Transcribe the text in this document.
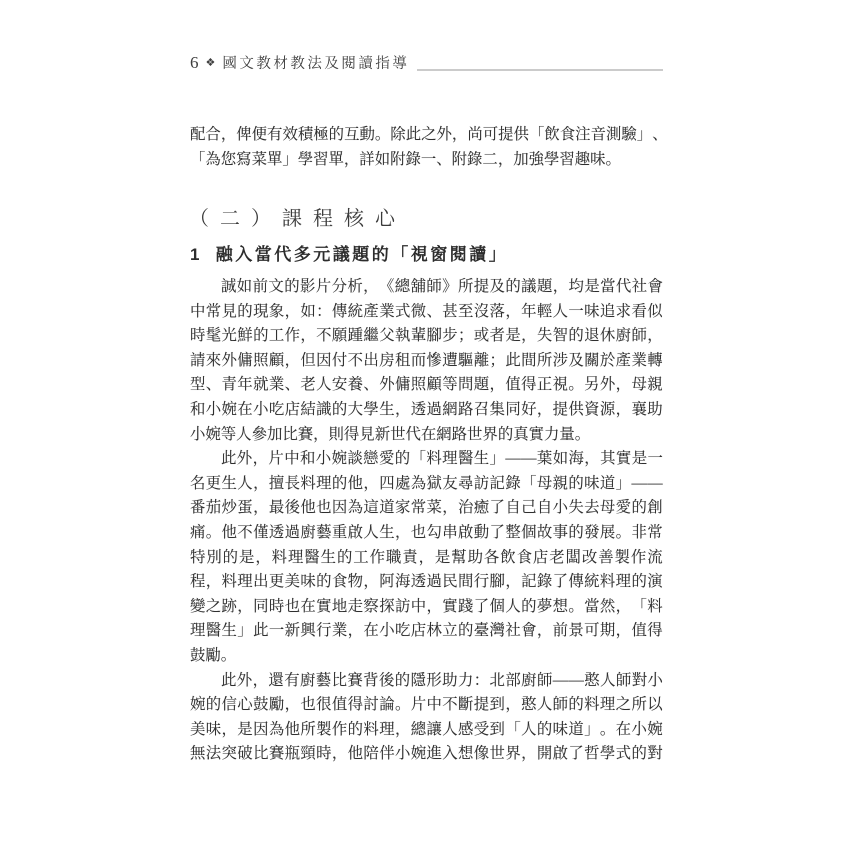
6 ❖ 國文教材教法及閱讀指導
配 合 ， 俾 便 有 效 積 極 的 互 動 。 除 此 之 外 ， 尚 可 提 供 「 飲 食 注 音 測 驗 」 、
「為您寫菜單」學習單，詳如附錄一、附錄二，加強學習趣味。
（二）課程核心
1 融入當代多元議題的「視窗閱讀」
誠 如 前 文 的 影 片 分 析 ， 《 總 舖 師 》 所 提 及 的 議 題 ， 均 是 當 代 社 會
中 常 見 的 現 象 ， 如 ： 傳 統 產 業 式 微 、 甚 至 沒 落 ， 年 輕 人 一 味 追 求 看 似
時 髦 光 鮮 的 工 作 ， 不 願 踵 繼 父 執 輩 腳 步 ； 或 者 是 ， 失 智 的 退 休 廚 師 ，
請 來 外 傭 照 顧 ， 但 因 付 不 出 房 租 而 慘 遭 驅 離 ； 此 間 所 涉 及 關 於 產 業 轉
型 、 青 年 就 業 、 老 人 安 養 、 外 傭 照 顧 等 問 題 ， 值 得 正 視 。 另 外 ， 母 親
和 小 婉 在 小 吃 店 結 識 的 大 學 生 ， 透 過 網 路 召 集 同 好 ， 提 供 資 源 ， 襄 助
小婉等人參加比賽，則得見新世代在網路世界的真實力量。
此 外 ， 片 中 和 小 婉 談 戀 愛 的 「 料 理 醫 生 」 — — 葉 如 海 ， 其 實 是 一
名 更 生 人 ， 擅 長 料 理 的 他 ， 四 處 為 獄 友 尋 訪 記 錄 「 母 親 的 味 道 」 — —
番 茄 炒 蛋 ， 最 後 他 也 因 為 這 道 家 常 菜 ， 治 癒 了 自 己 自 小 失 去 母 愛 的 創
痛 。 他 不 僅 透 過 廚 藝 重 啟 人 生 ， 也 勾 串 啟 動 了 整 個 故 事 的 發 展 。 非 常
特 別 的 是 ， 料 理 醫 生 的 工 作 職 責 ， 是 幫 助 各 飲 食 店 老 闆 改 善 製 作 流
程 ， 料 理 出 更 美 味 的 食 物 ， 阿 海 透 過 民 間 行 腳 ， 記 錄 了 傳 統 料 理 的 演
變 之 跡 ， 同 時 也 在 實 地 走 察 探 訪 中 ， 實 踐 了 個 人 的 夢 想 。 當 然 ， 「 料
理 醫 生 」 此 一 新 興 行 業 ， 在 小 吃 店 林 立 的 臺 灣 社 會 ， 前 景 可 期 ， 值 得
鼓勵。
此 外 ， 還 有 廚 藝 比 賽 背 後 的 隱 形 助 力 ： 北 部 廚 師 — — 憨 人 師 對 小
婉 的 信 心 鼓 勵 ， 也 很 值 得 討 論 。 片 中 不 斷 提 到 ， 憨 人 師 的 料 理 之 所 以
美 味 ， 是 因 為 他 所 製 作 的 料 理 ， 總 讓 人 感 受 到 「 人 的 味 道 」 。 在 小 婉
無 法 突 破 比 賽 瓶 頸 時 ， 他 陪 伴 小 婉 進 入 想 像 世 界 ， 開 啟 了 哲 學 式 的 對
